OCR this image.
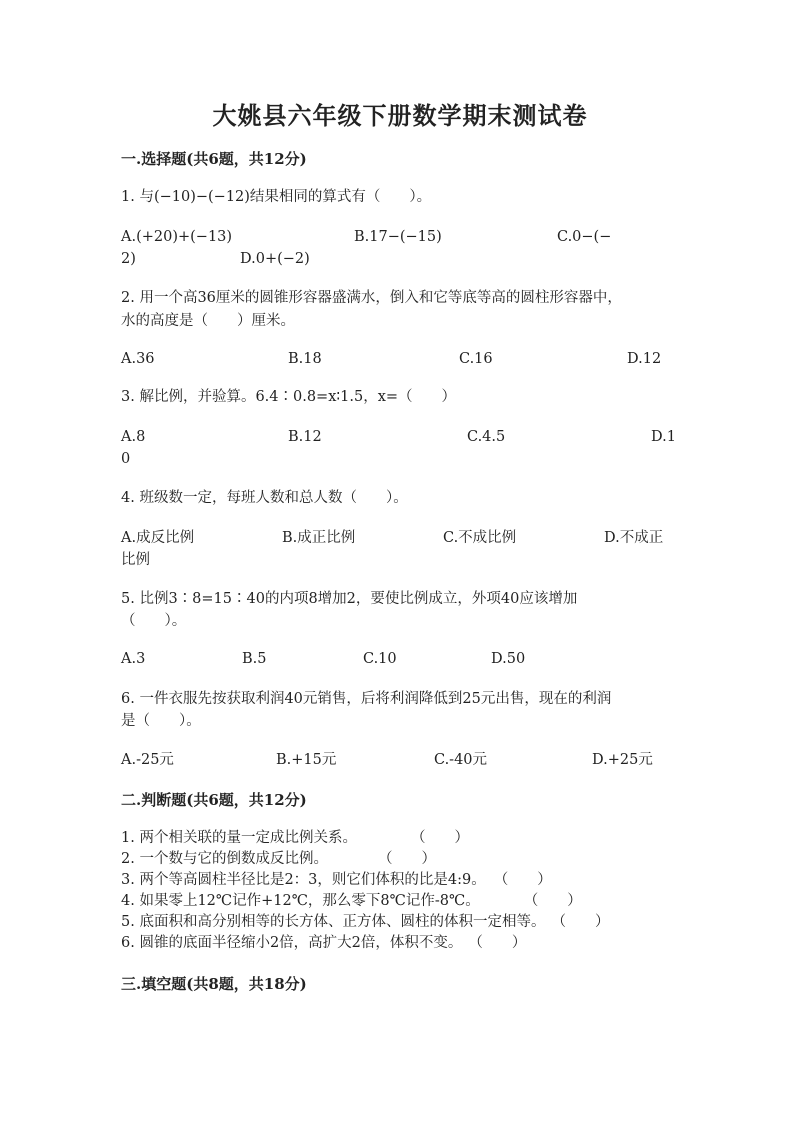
大姚县六年级下册数学期末测试卷
一.选择题(共6题，共12分)
1. 与(−10)−(−12)结果相同的算式有（　　）。
A.(+20)+(−13)	B.17−(−15)	C.0−(−
2)	D.0+(−2)
2. 用一个高36厘米的圆锥形容器盛满水，倒入和它等底等高的圆柱形容器中，
水的高度是（　　）厘米。
A.36	B.18	C.16	D.12
3. 解比例，并验算。6.4∶0.8=x∶1.5，x=（　　）
A.8	B.12	C.4.5	D.1
0
4. 班级数一定，每班人数和总人数（　　）。
A.成反比例	B.成正比例	C.不成比例	D.不成正
比例
5. 比例3∶8=15∶40的内项8增加2，要使比例成立，外项40应该增加
（　　）。
A.3	B.5	C.10	D.50
6. 一件衣服先按获取利润40元销售，后将利润降低到25元出售，现在的利润
是（　　）。
A.-25元	B.+15元	C.-40元	D.+25元
二.判断题(共6题，共12分)
1. 两个相关联的量一定成比例关系。	（　　）
2. 一个数与它的倒数成反比例。	（　　）
3. 两个等高圆柱半径比是2：3，则它们体积的比是4:9。 （　　）
4. 如果零上12℃记作+12℃，那么零下8℃记作-8℃。	（　　）
5. 底面积和高分别相等的长方体、正方体、圆柱的体积一定相等。 （　　）
6. 圆锥的底面半径缩小2倍，高扩大2倍，体积不变。 （　　）
三.填空题(共8题，共18分)
